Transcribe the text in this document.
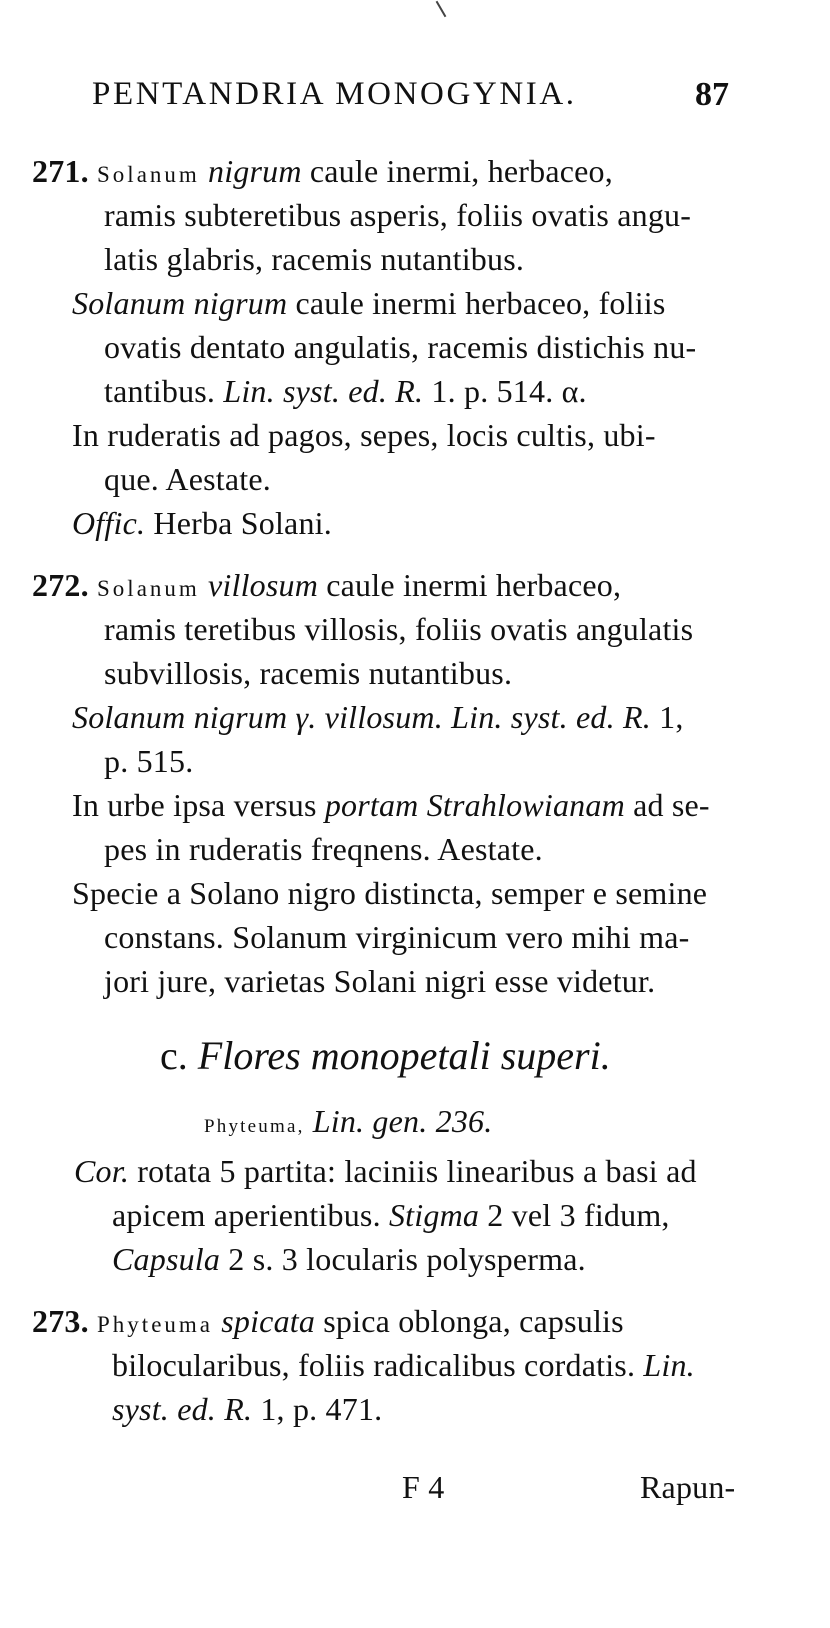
PENTANDRIA MONOGYNIA.	87
271. Solanum nigrum caule inermi, herbaceo,
ramis subteretibus asperis, foliis ovatis angu-
latis glabris, racemis nutantibus.
Solanum nigrum caule inermi herbaceo, foliis
ovatis dentato angulatis, racemis distichis nu-
tantibus. Lin. syst. ed. R. 1. p. 514. α.
In ruderatis ad pagos, sepes, locis cultis, ubi-
que. Aestate.
Offic. Herba Solani.
272. Solanum villosum caule inermi herbaceo,
ramis teretibus villosis, foliis ovatis angulatis
subvillosis, racemis nutantibus.
Solanum nigrum γ. villosum. Lin. syst. ed. R. 1,
p. 515.
In urbe ipsa versus portam Strahlowianam ad se-
pes in ruderatis freqnens. Aestate.
Specie a Solano nigro distincta, semper e semine
constans. Solanum virginicum vero mihi ma-
jori jure, varietas Solani nigri esse videtur.
c. Flores monopetali superi.
Phyteuma, Lin. gen. 236.
Cor. rotata 5 partita: laciniis linearibus a basi ad
apicem aperientibus. Stigma 2 vel 3 fidum,
Capsula 2 s. 3 locularis polysperma.
273. Phyteuma spicata spica oblonga, capsulis
bilocularibus, foliis radicalibus cordatis. Lin.
syst. ed. R. 1, p. 471.
F 4	Rapun-
